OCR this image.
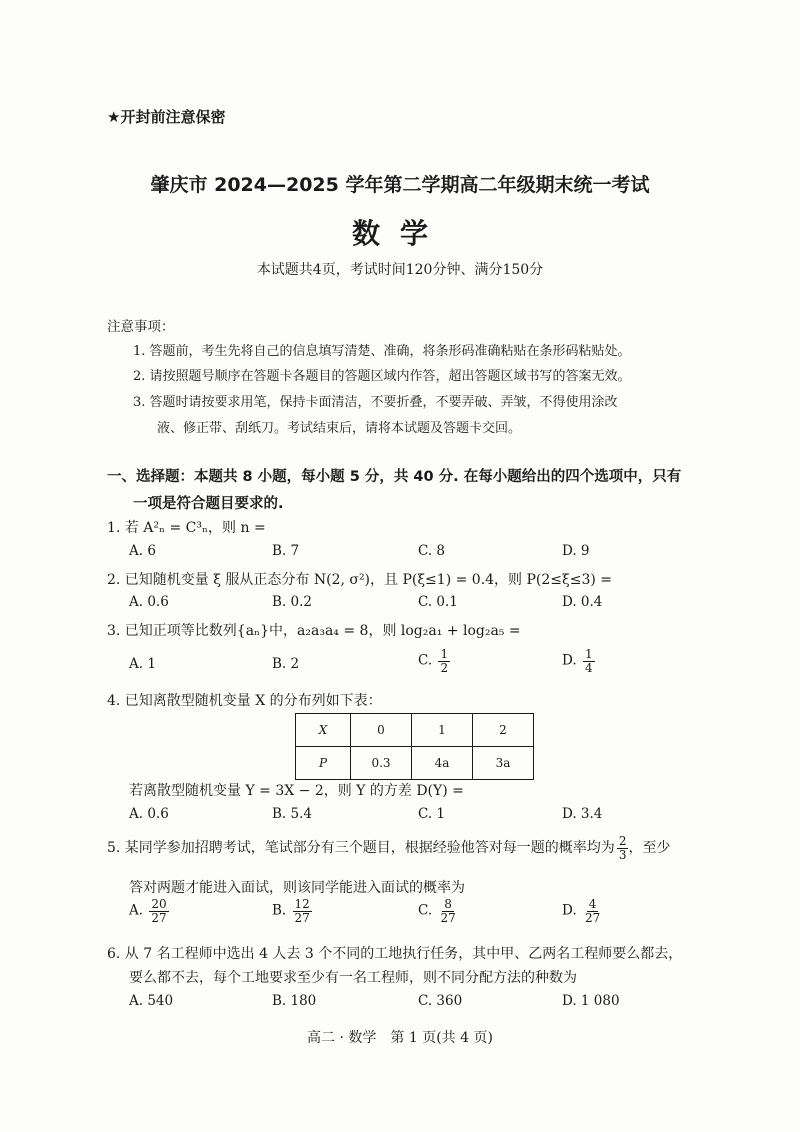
★开封前注意保密
肇庆市 2024—2025 学年第二学期高二年级期末统一考试
数学
本试题共4页，考试时间120分钟、满分150分
注意事项：
1. 答题前，考生先将自己的信息填写清楚、准确，将条形码准确粘贴在条形码粘贴处。
2. 请按照题号顺序在答题卡各题目的答题区域内作答，超出答题区域书写的答案无效。
3. 答题时请按要求用笔，保持卡面清洁，不要折叠，不要弄破、弄皱，不得使用涂改
液、修正带、刮纸刀。考试结束后，请将本试题及答题卡交回。
一、选择题：本题共 8 小题，每小题 5 分，共 40 分. 在每小题给出的四个选项中，只有
一项是符合题目要求的.
1. 若 A²ₙ = C³ₙ，则 n =
A. 6	B. 7	C. 8	D. 9
2. 已知随机变量 ξ 服从正态分布 N(2, σ²)，且 P(ξ≤1) = 0.4，则 P(2≤ξ≤3) =
A. 0.6	B. 0.2	C. 0.1	D. 0.4
3. 已知正项等比数列{aₙ}中，a₂a₃a₄ = 8，则 log₂a₁ + log₂a₅ =
A. 1	B. 2	C. $\frac{1}{2}$	D. $\frac{1}{4}$
4. 已知离散型随机变量 X 的分布列如下表：
X	0	1	2
P	0.3	4a	3a
若离散型随机变量 Y = 3X − 2，则 Y 的方差 D(Y) =
A. 0.6	B. 5.4	C. 1	D. 3.4
5. 某同学参加招聘考试，笔试部分有三个题目，根据经验他答对每一题的概率均为 $\frac{2}{3}$ ，至少
答对两题才能进入面试，则该同学能进入面试的概率为
A. $\frac{20}{27}$	B. $\frac{12}{27}$	C. $\frac{8}{27}$	D. $\frac{4}{27}$
6. 从 7 名工程师中选出 4 人去 3 个不同的工地执行任务，其中甲、乙两名工程师要么都去，
要么都不去，每个工地要求至少有一名工程师，则不同分配方法的种数为
A. 540	B. 180	C. 360	D. 1 080
高二 · 数学　第 1 页(共 4 页)
